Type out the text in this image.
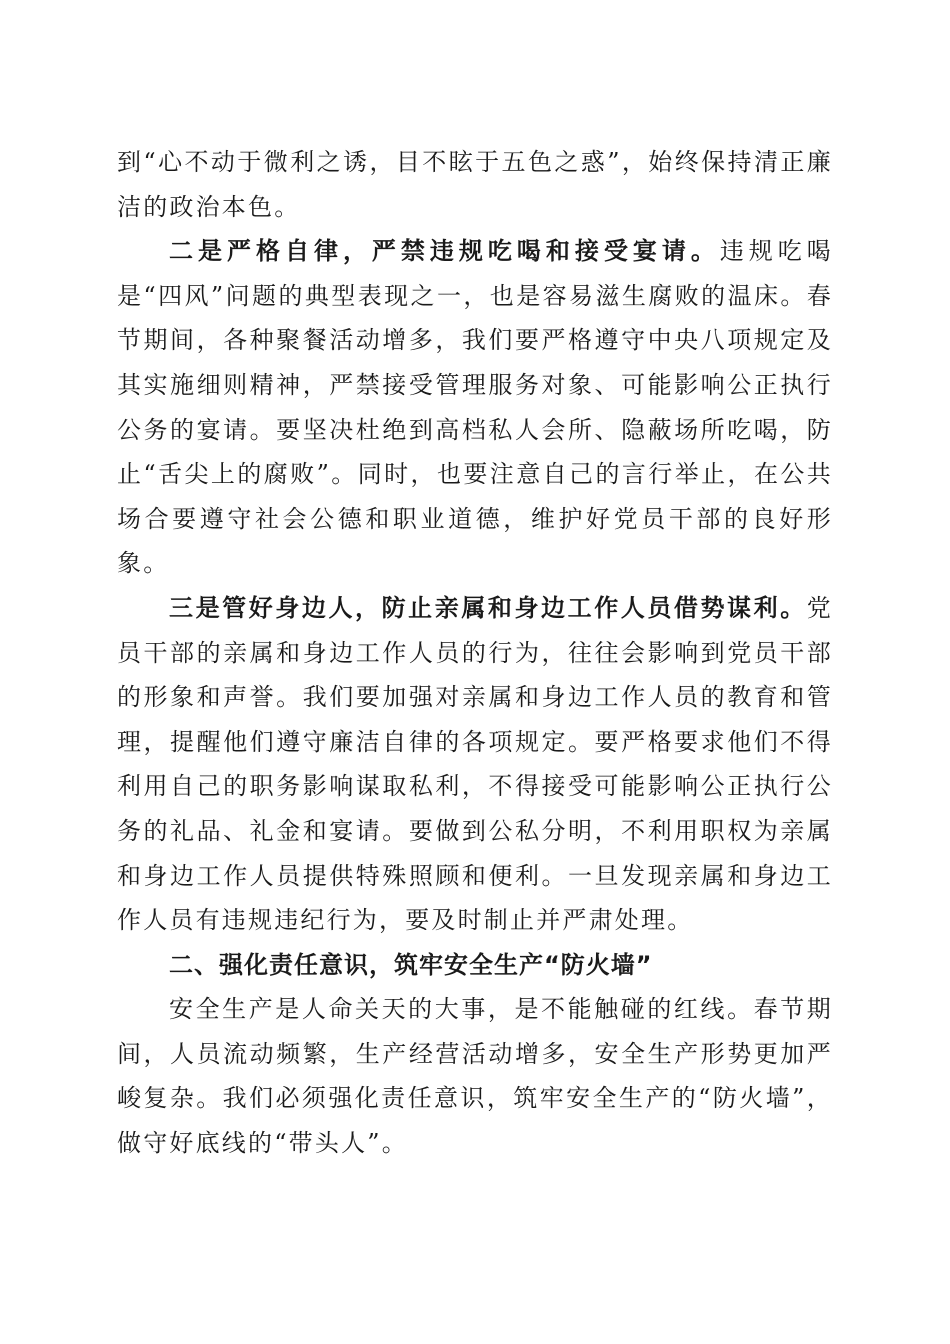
到“心不动于微利之诱，目不眩于五色之惑”，始终保持清正廉洁的政治本色。

二是严格自律，严禁违规吃喝和接受宴请。违规吃喝是“四风”问题的典型表现之一，也是容易滋生腐败的温床。春节期间，各种聚餐活动增多，我们要严格遵守中央八项规定及其实施细则精神，严禁接受管理服务对象、可能影响公正执行公务的宴请。要坚决杜绝到高档私人会所、隐蔽场所吃喝，防止“舌尖上的腐败”。同时，也要注意自己的言行举止，在公共场合要遵守社会公德和职业道德，维护好党员干部的良好形象。

三是管好身边人，防止亲属和身边工作人员借势谋利。党员干部的亲属和身边工作人员的行为，往往会影响到党员干部的形象和声誉。我们要加强对亲属和身边工作人员的教育和管理，提醒他们遵守廉洁自律的各项规定。要严格要求他们不得利用自己的职务影响谋取私利，不得接受可能影响公正执行公务的礼品、礼金和宴请。要做到公私分明，不利用职权为亲属和身边工作人员提供特殊照顾和便利。一旦发现亲属和身边工作人员有违规违纪行为，要及时制止并严肃处理。

二、强化责任意识，筑牢安全生产“防火墙”

安全生产是人命关天的大事，是不能触碰的红线。春节期间，人员流动频繁，生产经营活动增多，安全生产形势更加严峻复杂。我们必须强化责任意识，筑牢安全生产的“防火墙”，做守好底线的“带头人”。
